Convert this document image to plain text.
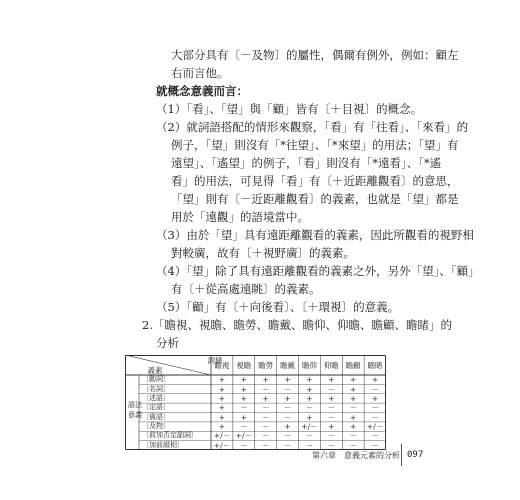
大部分具有〔－及物〕的屬性，偶爾有例外，例如：顧左
右而言他。
就概念意義而言：
（1）「看」、「望」與「顧」皆有〔＋目視〕的概念。
（2）就詞語搭配的情形來觀察，「看」有「往看」、「來看」的
例子，「望」則沒有「*往望」、「*來望」的用法；「望」有
遠望」、「遙望」的例子，「看」則沒有「*遠看」、「*遙
看」的用法，可見得「看」有〔＋近距離觀看〕的意思，
「望」則有〔－近距離觀看〕的義素，也就是「望」都是
用於「遠觀」的語境當中。
（3）由於「望」具有遠距離觀看的義素，因此所觀看的視野相
對較廣，故有〔＋視野廣〕的義素。
（4）「望」除了具有遠距離觀看的義素之外，另外「望」、「顧」
有〔＋從高處遠眺〕的義素。
（5）「顧」有〔＋向後看〕、〔＋環視〕的意義。
2.「瞻視、視瞻、瞻勞、瞻戴、瞻仰、仰瞻、瞻顧、瞻睹」的
分析
詞條
義素
瞻視 視瞻 瞻勞 瞻戴 瞻仰 仰瞻 瞻顧 瞻睹
語法
意義
〔動詞〕	+	+	+	+	+	+	+	+
〔名詞〕	+	+	－	－	+	－	+	－
〔述語〕	+	+	+	+	+	+	+	+
〔定語〕	+	－	－	－	－	－	－	－
〔賓語〕	+	+	－	－	+	－	+	－
〔及物〕	+	－	－	+	+/－	+	+	+/－
〔前加否定副詞〕	+/－ +/－	－	－	－	－	－	－
〔加前綴相〕	+/－	－	－	－	－	－	－	－
第六章　意義元素的分析 097
